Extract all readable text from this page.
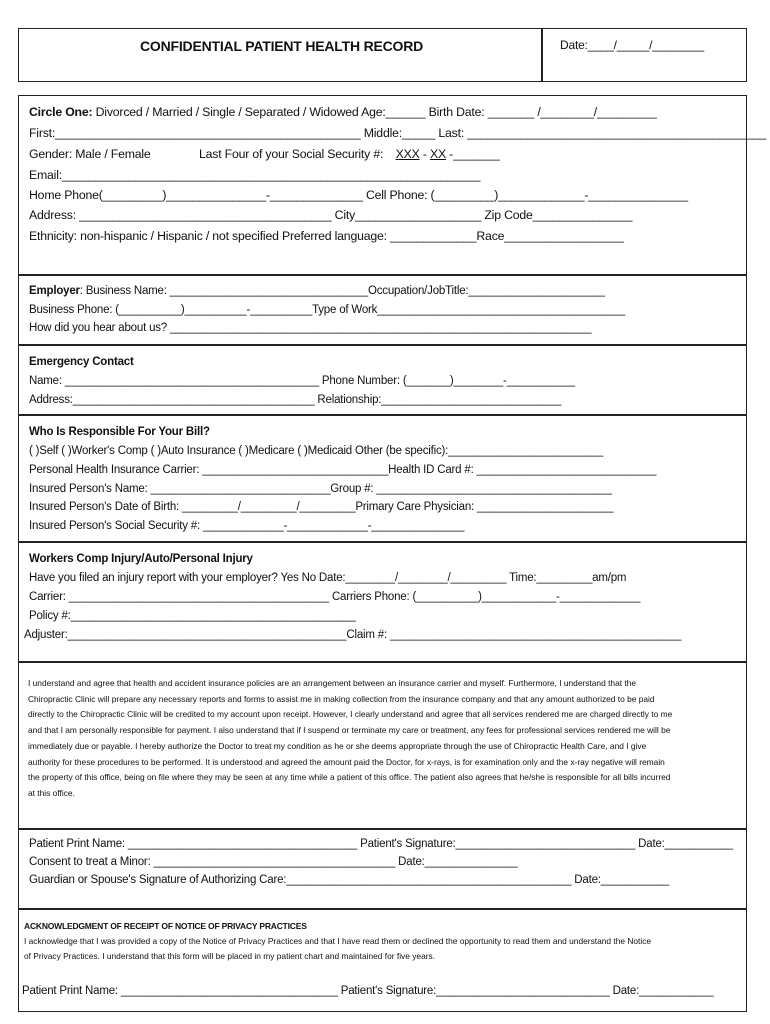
CONFIDENTIAL PATIENT HEALTH RECORD	Date:____/_____/________
Circle One: Divorced / Married / Single / Separated / Widowed Age:______ Birth Date: _______ /________/_________
First:______________________________________________ Middle:_____ Last: _____________________________________________
Gender: Male / Female	Last Four of your Social Security #: XXX - XX -_______
Email:_______________________________________________________________
Home Phone(_________)_______________-______________ Cell Phone: (_________)_____________-_______________
Address: ______________________________________ City___________________ Zip Code_______________
Ethnicity: non-hispanic / Hispanic / not specified Preferred language: _____________Race__________________
Employer: Business Name: ________________________________Occupation/JobTitle:______________________
Business Phone: (__________)__________-__________Type of Work________________________________________
How did you hear about us? ____________________________________________________________________
Emergency Contact
Name: _________________________________________ Phone Number: (_______)________-___________
Address:_______________________________________ Relationship:_____________________________
Who Is Responsible For Your Bill?
( )Self ( )Worker's Comp ( )Auto Insurance ( )Medicare ( )Medicaid Other (be specific):_________________________
Personal Health Insurance Carrier: ______________________________Health ID Card #: _____________________________
Insured Person's Name: _____________________________Group #: ______________________________________
Insured Person's Date of Birth: _________/_________/_________Primary Care Physician: ______________________
Insured Person's Social Security #: _____________-_____________-_______________
Workers Comp Injury/Auto/Personal Injury
Have you filed an injury report with your employer? Yes No Date:________/________/_________ Time:_________am/pm
Carrier: __________________________________________ Carriers Phone: (__________)____________-_____________
Policy #:______________________________________________
Adjuster:_____________________________________________Claim #: _______________________________________________
I understand and agree that health and accident insurance policies are an arrangement between an insurance carrier and myself. Furthermore, I understand that the
Chiropractic Clinic will prepare any necessary reports and forms to assist me in making collection from the insurance company and that any amount authorized to be paid
directly to the Chiropractic Clinic will be credited to my account upon receipt. However, I clearly understand and agree that all services rendered me are charged directly to me
and that I am personally responsible for payment. I also understand that if I suspend or terminate my care or treatment, any fees for professional services rendered me will be
immediately due or payable. I hereby authorize the Doctor to treat my condition as he or she deems appropriate through the use of Chiropractic Health Care, and I give
authority for these procedures to be performed. It is understood and agreed the amount paid the Doctor, for x-rays, is for examination only and the x-ray negative will remain
the property of this office, being on file where they may be seen at any time while a patient of this office. The patient also agrees that he/she is responsible for all bills incurred
at this office.
Patient Print Name: _____________________________________ Patient's Signature:_____________________________ Date:___________
Consent to treat a Minor: _______________________________________ Date:_______________
Guardian or Spouse's Signature of Authorizing Care:______________________________________________ Date:___________
ACKNOWLEDGMENT OF RECEIPT OF NOTICE OF PRIVACY PRACTICES
I acknowledge that I was provided a copy of the Notice of Privacy Practices and that I have read them or declined the opportunity to read them and understand the Notice
of Privacy Practices. I understand that this form will be placed in my patient chart and maintained for five years.
Patient Print Name: ___________________________________ Patient's Signature:____________________________ Date:____________
